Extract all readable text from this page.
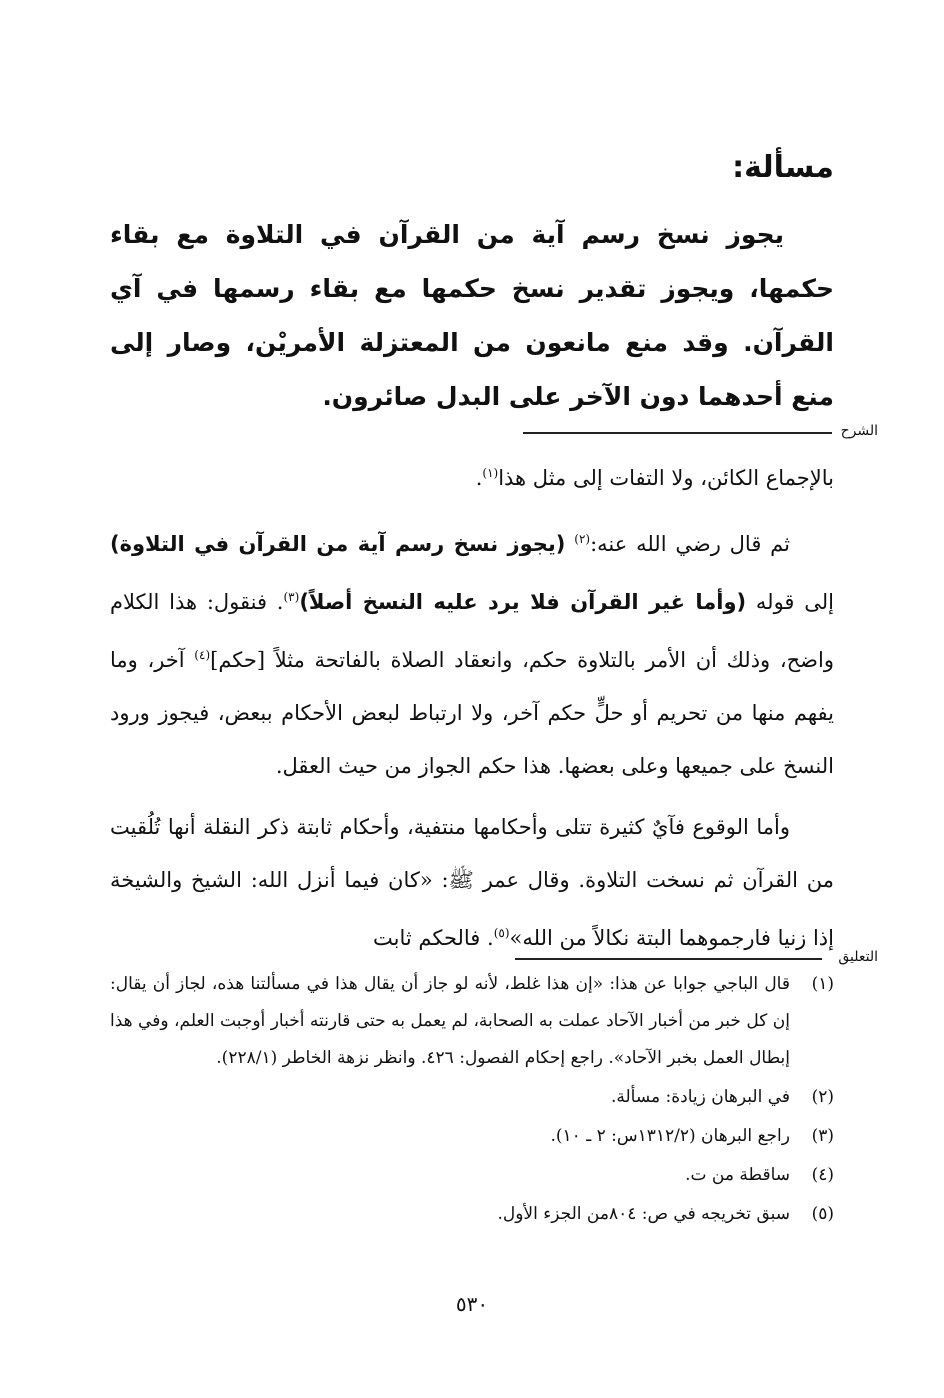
مسألة:
يجوز نسخ رسم آية من القرآن في التلاوة مع بقاء حكمها، ويجوز تقدير نسخ حكمها مع بقاء رسمها في آي القرآن. وقد منع مانعون من المعتزلة الأمريْن، وصار إلى منع أحدهما دون الآخر على البدل صائرون.
الشرح

بالإجماع الكائن، ولا التفات إلى مثل هذا$^{(١)}$.

ثم قال رضي الله عنه:$^{(٢)}$ (يجوز نسخ رسم آية من القرآن في التلاوة) إلى قوله (وأما غير القرآن فلا يرد عليه النسخ أصلاً)$^{(٣)}$. فنقول: هذا الكلام واضح، وذلك أن الأمر بالتلاوة حكم، وانعقاد الصلاة بالفاتحة مثلاً [حكم]$^{(٤)}$ آخر، وما يفهم منها من تحريم أو حلٍّ حكم آخر، ولا ارتباط لبعض الأحكام ببعض، فيجوز ورود النسخ على جميعها وعلى بعضها. هذا حكم الجواز من حيث العقل.

وأما الوقوع فآيٌ كثيرة تتلى وأحكامها منتفية، وأحكام ثابتة ذكر النقلة أنها تُلُقيت من القرآن ثم نسخت التلاوة. وقال عمر ﷺ: «كان فيما أنزل الله: الشيخ والشيخة إذا زنيا فارجموهما البتة نكالاً من الله»$^{(٥)}$. فالحكم ثابت

التعليق
(١)
قال الباجي جوابا عن هذا: «إن هذا غلط، لأنه لو جاز أن يقال هذا في مسألتنا هذه، لجاز أن يقال: إن كل خبر من أخبار الآحاد عملت به الصحابة، لم يعمل به حتى قارنته أخبار أوجبت العلم، وفي هذا إبطال العمل بخبر الآحاد». راجع إحكام الفصول: ٤٢٦. وانظر نزهة الخاطر (٢٢٨/١).
(٢)
في البرهان زيادة: مسألة.
(٣)
راجع البرهان (١٣١٢/٢س: ٢ ـ ١٠).
(٤)
ساقطة من ت.
(٥)
سبق تخريجه في ص: ٨٠٤من الجزء الأول.
٥٣٠
